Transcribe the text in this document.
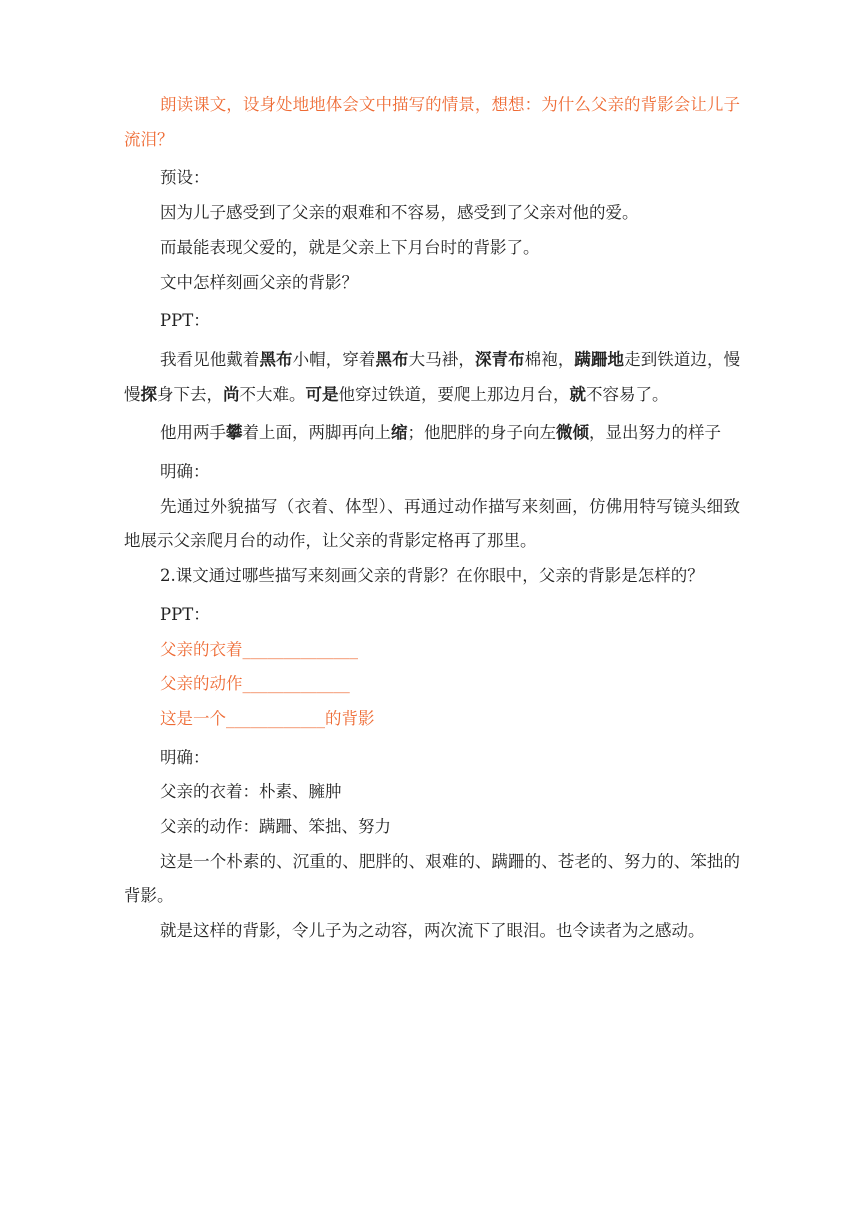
朗读课文，设身处地地体会文中描写的情景，想想：为什么父亲的背影会让儿子流泪？

预设：

因为儿子感受到了父亲的艰难和不容易，感受到了父亲对他的爱。

而最能表现父爱的，就是父亲上下月台时的背影了。

文中怎样刻画父亲的背影？

PPT：

我看见他戴着黑布小帽，穿着黑布大马褂，深青布棉袍，蹒跚地走到铁道边，慢慢探身下去，尚不大难。可是他穿过铁道，要爬上那边月台，就不容易了。

他用两手攀着上面，两脚再向上缩；他肥胖的身子向左微倾，显出努力的样子

明确：

先通过外貌描写（衣着、体型）、再通过动作描写来刻画，仿佛用特写镜头细致地展示父亲爬月台的动作，让父亲的背影定格再了那里。

2.课文通过哪些描写来刻画父亲的背影？在你眼中，父亲的背影是怎样的？

PPT：

父亲的衣着______________

父亲的动作_____________

这是一个____________的背影

明确：

父亲的衣着：朴素、臃肿

父亲的动作：蹒跚、笨拙、努力

这是一个朴素的、沉重的、肥胖的、艰难的、蹒跚的、苍老的、努力的、笨拙的背影。

就是这样的背影，令儿子为之动容，两次流下了眼泪。也令读者为之感动。
